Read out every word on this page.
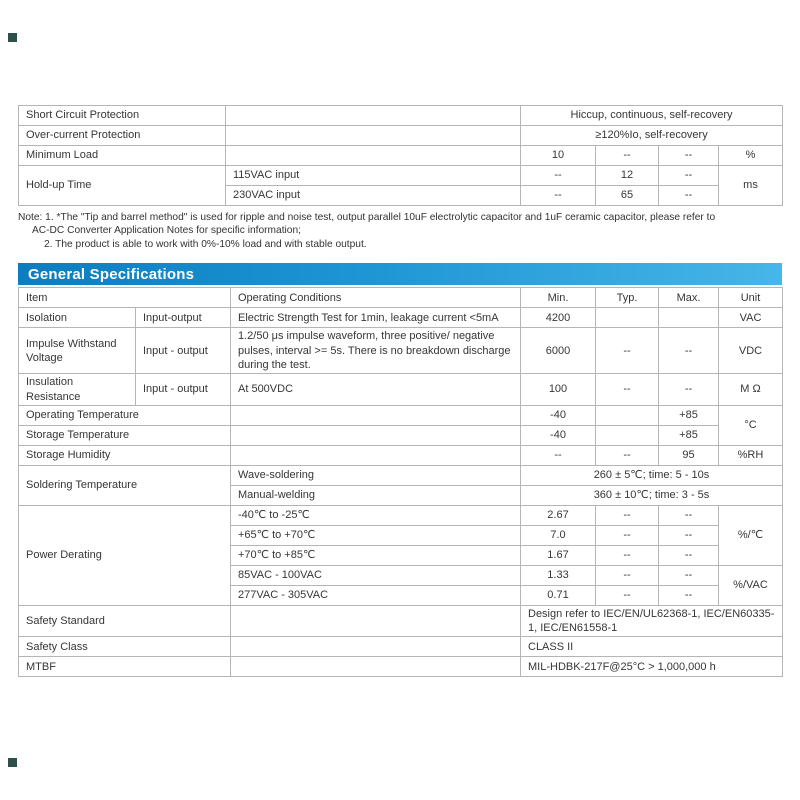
Short Circuit Protection		Hiccup, continuous, self-recovery			
Over-current Protection		≥120%Io, self-recovery			
Minimum Load		10	--	--	%
Hold-up Time	115VAC input	--	12	--	ms
	230VAC input	--	65	--	
Note: 1. *The "Tip and barrel method" is used for ripple and noise test, output parallel 10uF electrolytic capacitor and 1uF ceramic capacitor, please refer to
AC-DC Converter Application Notes for specific information;
2. The product is able to work with 0%-10% load and with stable output.
General Specifications
Item		Operating Conditions	Min.	Typ.	Max.	Unit
Isolation	Input-output	Electric Strength Test for 1min, leakage current <5mA	4200			VAC
Impulse Withstand Voltage	Input - output	1.2/50 μs impulse waveform, three positive/ negative pulses, interval >= 5s. There is no breakdown discharge during the test.	6000	--	--	VDC
Insulation Resistance	Input - output	At 500VDC	100	--	--	M Ω
Operating Temperature			-40		+85	°C
Storage Temperature			-40		+85	
Storage Humidity			--	--	95	%RH
Soldering Temperature		Wave-soldering	260 ± 5℃; time: 5 - 10s			
		Manual-welding	360 ± 10℃; time: 3 - 5s			
Power Derating		-40℃ to -25℃	2.67	--	--	%/℃
		+65℃ to +70℃	7.0	--	--	
		+70℃ to +85℃	1.67	--	--	
		85VAC - 100VAC	1.33	--	--	%/VAC
		277VAC - 305VAC	0.71	--	--	
Safety Standard			Design refer to IEC/EN/UL62368-1, IEC/EN60335-1, IEC/EN61558-1			
Safety Class			CLASS II			
MTBF			MIL-HDBK-217F@25°C > 1,000,000 h			
